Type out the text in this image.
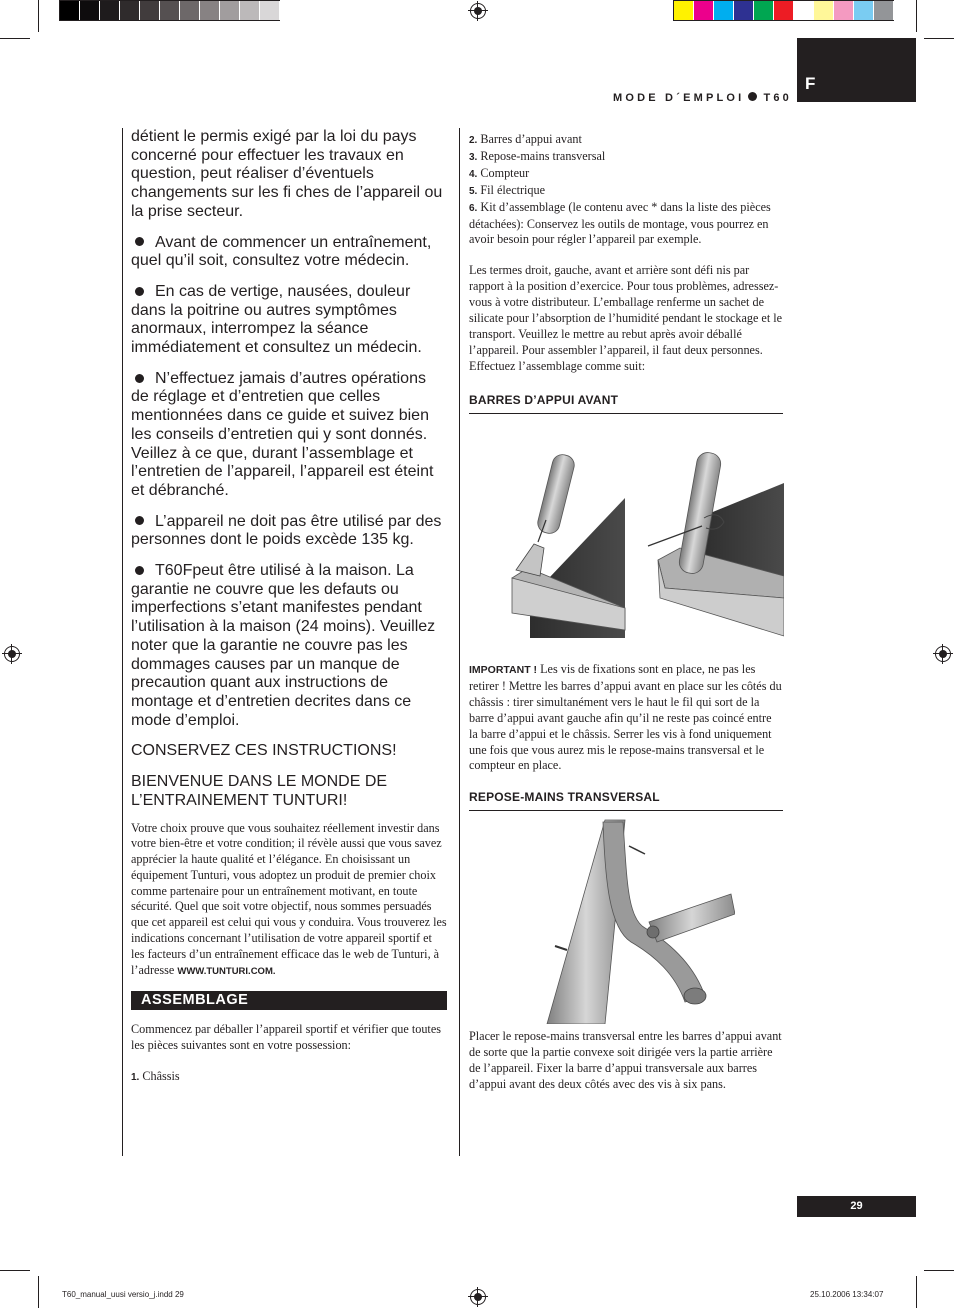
F
MODE D´EMPLOI T60

détient le permis exigé par la loi du pays concerné pour effectuer les travaux en question, peut réaliser d’éventuels changements sur les fi ches de l’appareil ou la prise secteur.

Avant de commencer un entraînement, quel qu’il soit, consultez votre médecin.

En cas de vertige, nausées, douleur dans la poitrine ou autres symptômes anormaux, interrompez la séance immédiatement et consultez un médecin.

N’effectuez jamais d’autres opérations de réglage et d’entretien que celles mentionnées dans ce guide et suivez bien les conseils d’entretien qui y sont donnés. Veillez à ce que, durant l’assemblage et l’entretien de l’appareil, l’appareil est éteint et débranché.

L’appareil ne doit pas être utilisé par des personnes dont le poids excède 135 kg.

T60Fpeut être utilisé à la maison. La garantie ne couvre que les defauts ou imperfections s’etant manifestes pendant l’utilisation à la maison (24 moins). Veuillez noter que la garantie ne couvre pas les dommages causes par un manque de precaution quant aux instructions de montage et d’entretien decrites dans ce mode d’emploi.

CONSERVEZ CES INSTRUCTIONS!

BIENVENUE DANS LE MONDE DE L’ENTRAINEMENT TUNTURI!

Votre choix prouve que vous souhaitez réellement investir dans votre bien-être et votre condition; il révèle aussi que vous savez apprécier la haute qualité et l’élégance. En choisissant un équipement Tunturi, vous adoptez un produit de premier choix comme partenaire pour un entraînement motivant, en toute sécurité. Quel que soit votre objectif, nous sommes persuadés que cet appareil est celui qui vous y conduira. Vous trouverez les indications concernant l’utilisation de votre appareil sportif et les facteurs d’un entraînement efficace das le web de Tunturi, à l’adresse WWW.TUNTURI.COM.

ASSEMBLAGE

Commencez par déballer l’appareil sportif et vérifier que toutes les pièces suivantes sont en votre possession:

1. Châssis

2. Barres d’appui avant

3. Repose-mains transversal

4. Compteur

5. Fil électrique

6. Kit d’assemblage (le contenu avec * dans la liste des pièces détachées): Conservez les outils de montage, vous pourrez en avoir besoin pour régler l’appareil par exemple.

Les termes droit, gauche, avant et arrière sont défi nis par rapport à la position d’exercice. Pour tous problèmes, adressez-vous à votre distributeur. L’emballage renferme un sachet de silicate pour l’absorption de l’humidité pendant le stockage et le transport. Veuillez le mettre au rebut après avoir déballé l’appareil. Pour assembler l’appareil, il faut deux personnes. Effectuez l’assemblage comme suit:

BARRES D’APPUI AVANT

IMPORTANT ! Les vis de fixations sont en place, ne pas les retirer ! Mettre les barres d’appui avant en place sur les côtés du châssis : tirer simultanément vers le haut le fil qui sort de la barre d’appui avant gauche afin qu’il ne reste pas coincé entre la barre d’appui et le châssis. Serrer les vis à fond uniquement une fois que vous aurez mis le repose-mains transversal et le compteur en place.

REPOSE-MAINS TRANSVERSAL

Placer le repose-mains transversal entre les barres d’appui avant de sorte que la partie convexe soit dirigée vers la partie arrière de l’appareil. Fixer la barre d’appui transversale aux barres d’appui avant des deux côtés avec des vis à six pans.

29
T60_manual_uusi versio_j.indd 29	25.10.2006 13:34:07
